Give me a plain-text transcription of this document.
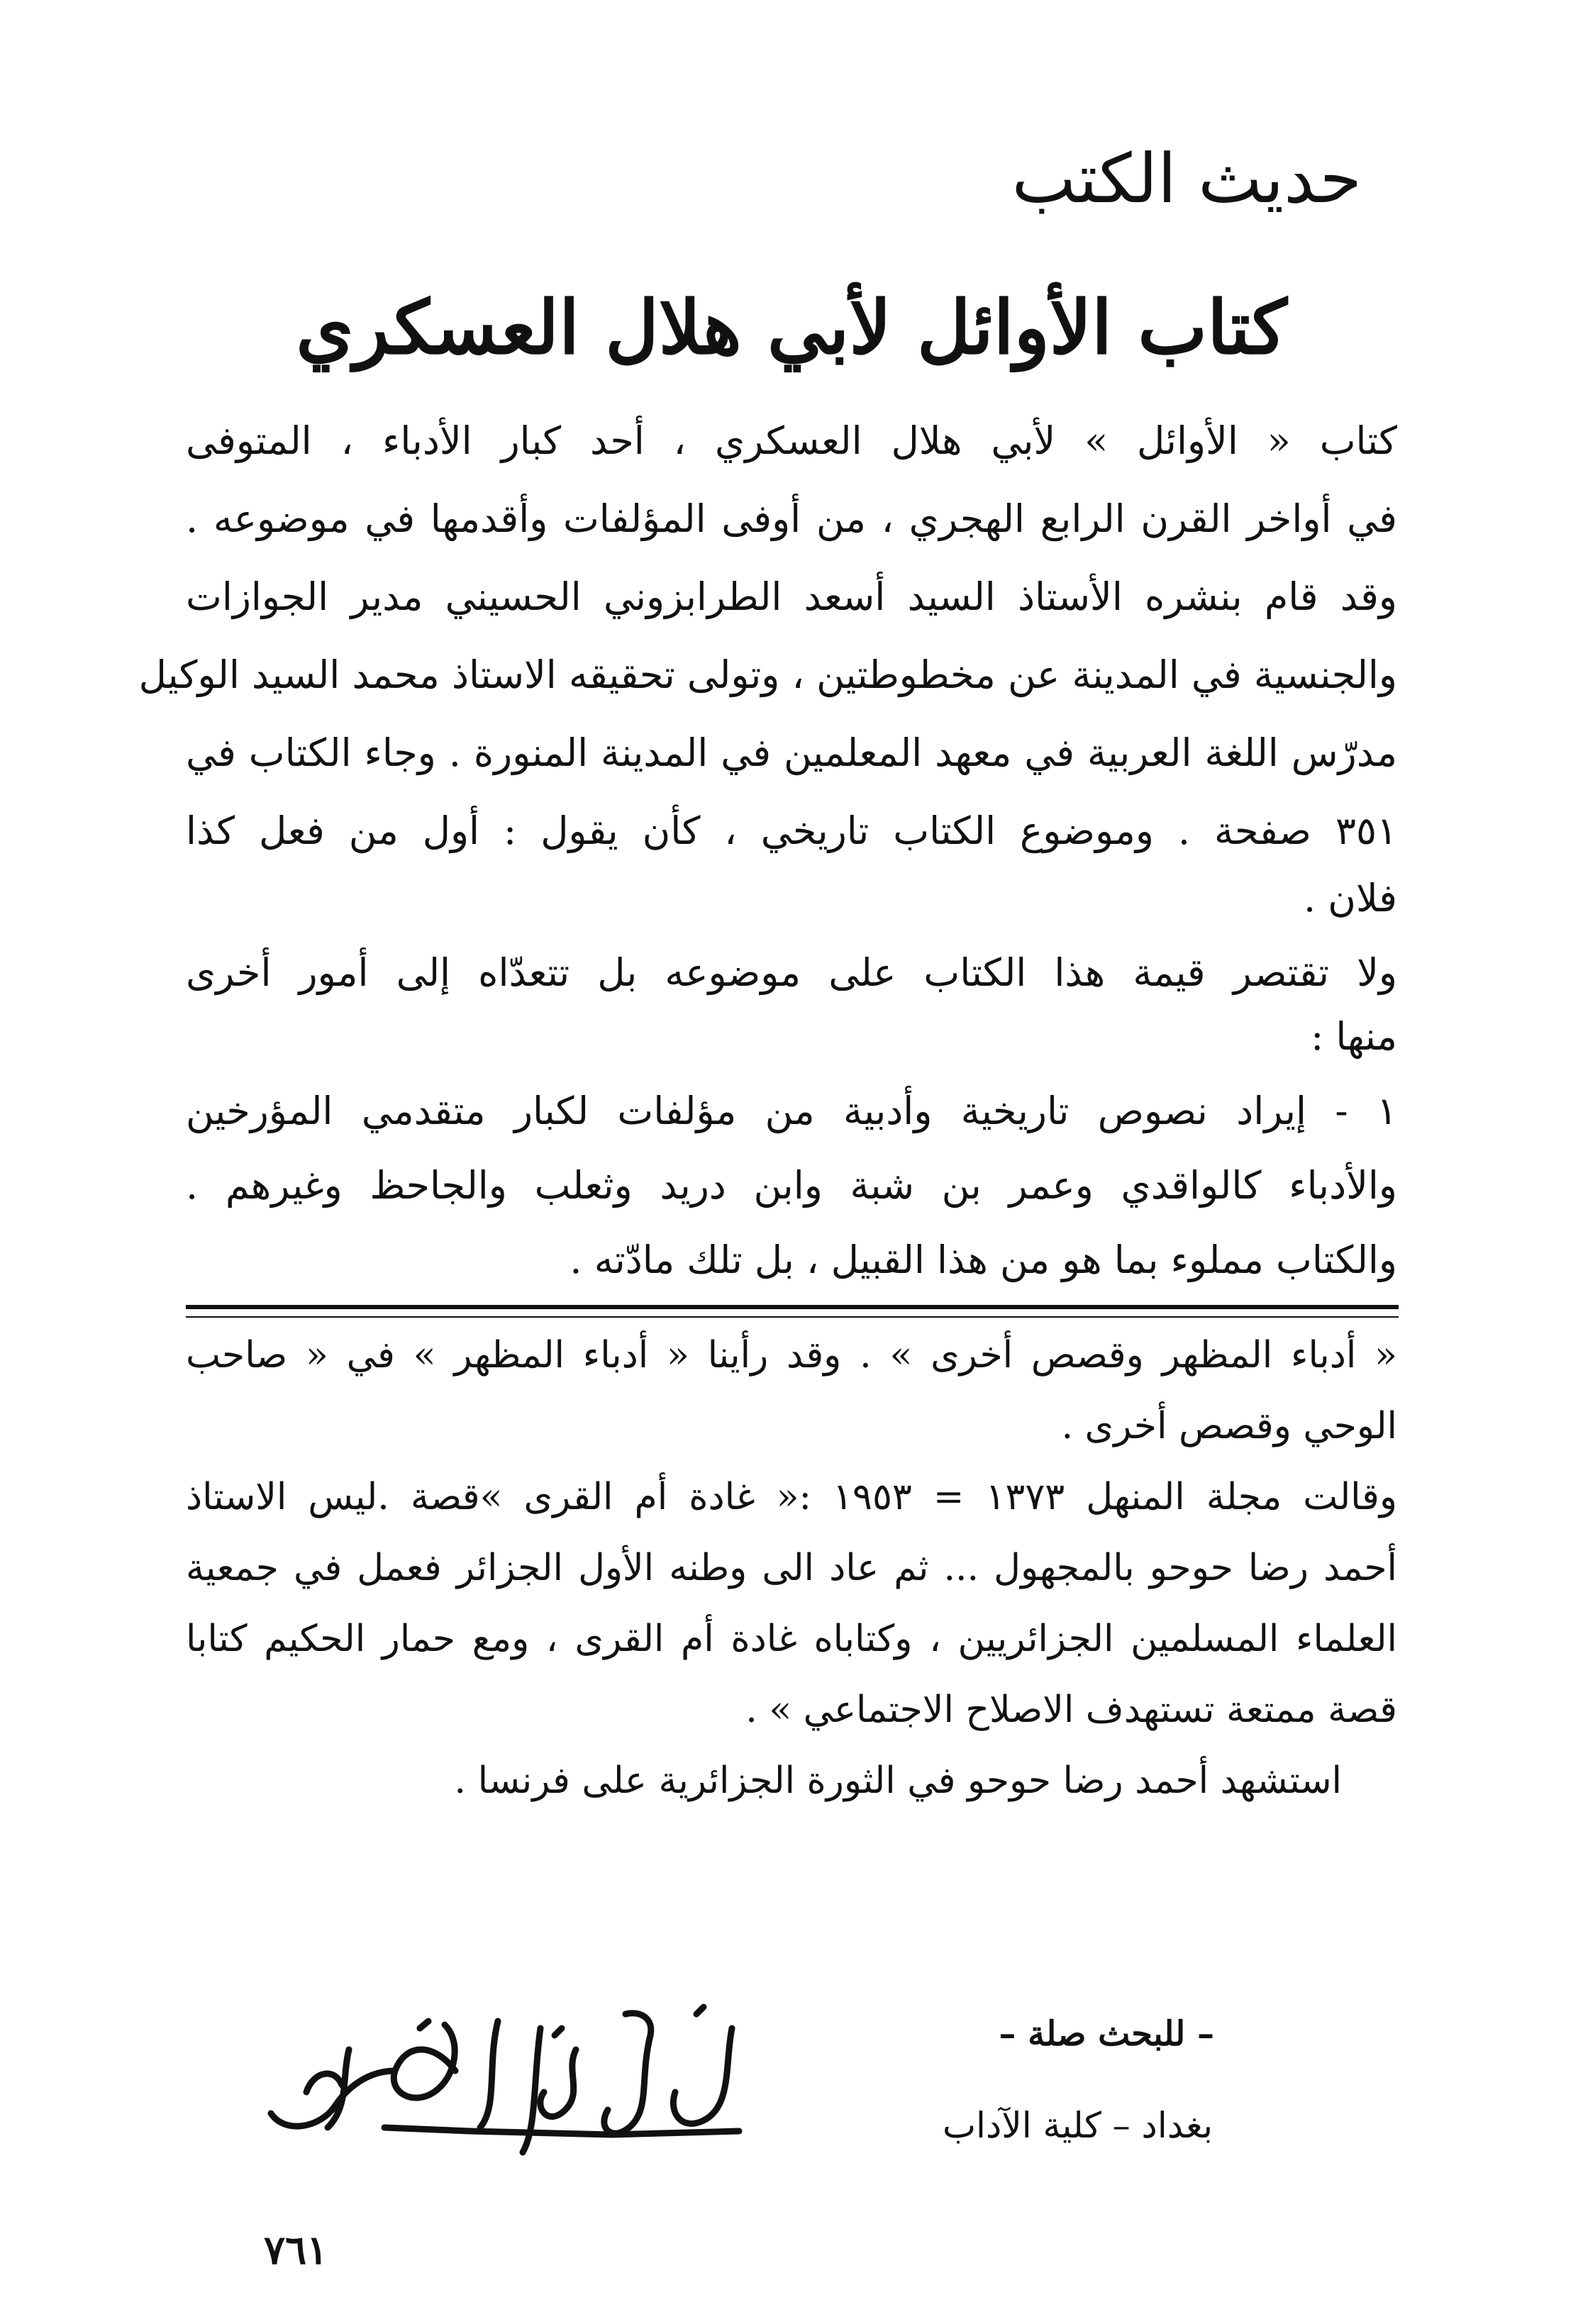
حديث الكتب
كتاب الأوائل لأبي هلال العسكري
كتاب « الأوائل » لأبي هلال العسكري ، أحد كبار الأدباء ، المتوفى
في أواخر القرن الرابع الهجري ، من أوفى المؤلفات وأقدمها في موضوعه .
وقد قام بنشره الأستاذ السيد أسعد الطرابزوني الحسيني مدير الجوازات
والجنسية في المدينة عن مخطوطتين ، وتولى تحقيقه الاستاذ محمد السيد الوكيل
مدرّس اللغة العربية في معهد المعلمين في المدينة المنورة . وجاء الكتاب في
٣٥١ صفحة . وموضوع الكتاب تاريخي ، كأن يقول : أول من فعل كذا
فلان .
ولا تقتصر قيمة هذا الكتاب على موضوعه بل تتعدّاه إلى أمور أخرى
منها :
١ - إيراد نصوص تاريخية وأدبية من مؤلفات لكبار متقدمي المؤرخين
والأدباء كالواقدي وعمر بن شبة وابن دريد وثعلب والجاحظ وغيرهم .
والكتاب مملوء بما هو من هذا القبيل ، بل تلك مادّته .
« أدباء المظهر وقصص أخرى » . وقد رأينا « أدباء المظهر » في « صاحب
الوحي وقصص أخرى .
وقالت مجلة المنهل ١٣٧٣ = ١٩٥٣ :« غادة أم القرى »قصة .ليس الاستاذ
أحمد رضا حوحو بالمجهول ... ثم عاد الى وطنه الأول الجزائر فعمل في جمعية
العلماء المسلمين الجزائريين ، وكتاباه غادة أم القرى ، ومع حمار الحكيم كتابا
قصة ممتعة تستهدف الاصلاح الاجتماعي » .
استشهد أحمد رضا حوحو في الثورة الجزائرية على فرنسا .
– للبحث صلة –
بغداد – كلية الآداب
٧٦١
